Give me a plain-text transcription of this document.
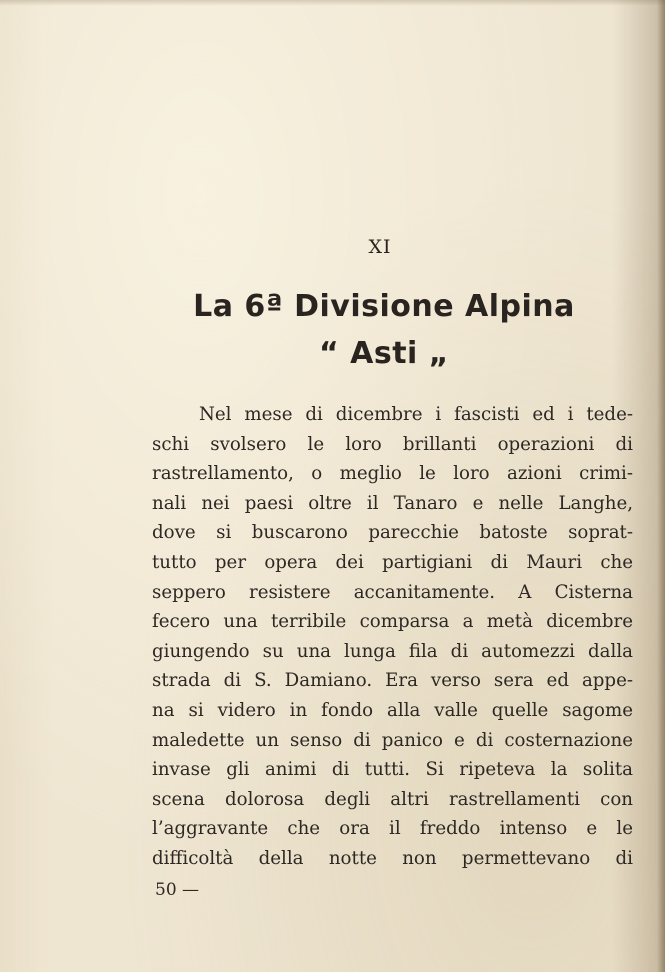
XI
La 6ª Divisione Alpina
“ Asti „
Nel mese di dicembre i fascisti ed i tede-
schi svolsero le loro brillanti operazioni di
rastrellamento, o meglio le loro azioni crimi-
nali nei paesi oltre il Tanaro e nelle Langhe,
dove si buscarono parecchie batoste soprat-
tutto per opera dei partigiani di Mauri che
seppero resistere accanitamente. A Cisterna
fecero una terribile comparsa a metà dicembre
giungendo su una lunga fila di automezzi dalla
strada di S. Damiano. Era verso sera ed appe-
na si videro in fondo alla valle quelle sagome
maledette un senso di panico e di costernazione
invase gli animi di tutti. Si ripeteva la solita
scena dolorosa degli altri rastrellamenti con
l’aggravante che ora il freddo intenso e le
difficoltà della notte non permettevano di
50 —
